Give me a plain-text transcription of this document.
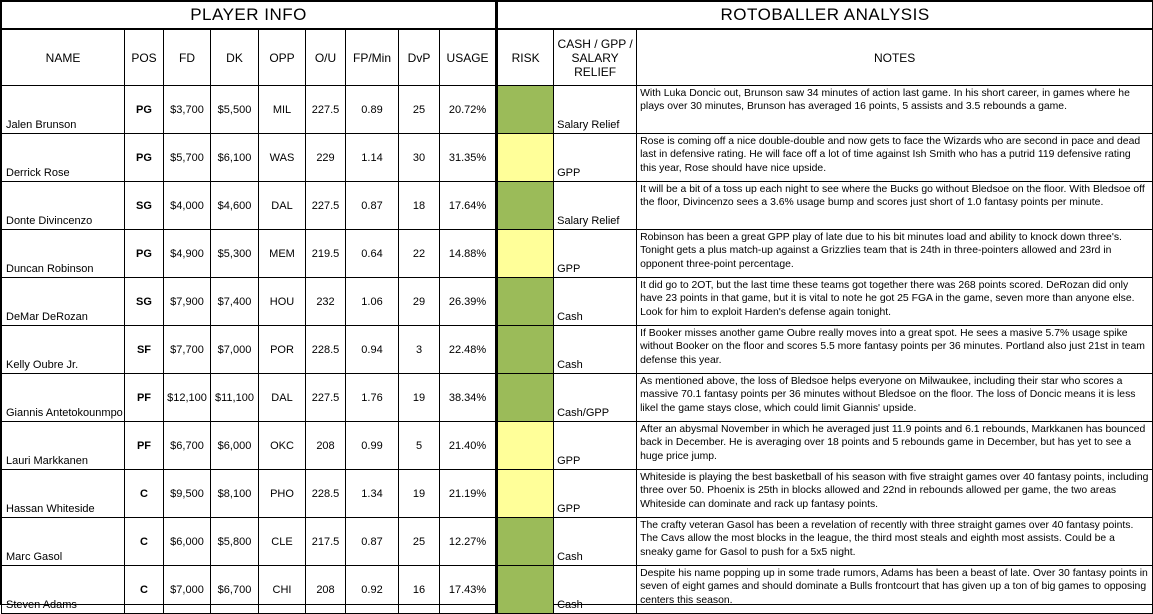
PLAYER INFO									ROTOBALLER ANALYSIS		
NAME	POS	FD	DK	OPP	O/U	FP/Min	DvP	USAGE	RISK	CASH / GPP / SALARY RELIEF	NOTES
Jalen Brunson	PG	$3,700	$5,500	MIL	227.5	0.89	25	20.72%		Salary Relief	With Luka Doncic out, Brunson saw 34 minutes of action last game. In his short career, in games where he plays over 30 minutes, Brunson has averaged 16 points, 5 assists and 3.5 rebounds a game.
Derrick Rose	PG	$5,700	$6,100	WAS	229	1.14	30	31.35%		GPP	Rose is coming off a nice double-double and now gets to face the Wizards who are second in pace and dead last in defensive rating. He will face off a lot of time against Ish Smith who has a putrid 119 defensive rating this year, Rose should have nice upside.
Donte Divincenzo	SG	$4,000	$4,600	DAL	227.5	0.87	18	17.64%		Salary Relief	It will be a bit of a toss up each night to see where the Bucks go without Bledsoe on the floor. With Bledsoe off the floor, Divincenzo sees a 3.6% usage bump and scores just short of 1.0 fantasy points per minute.
Duncan Robinson	PG	$4,900	$5,300	MEM	219.5	0.64	22	14.88%		GPP	Robinson has been a great GPP play of late due to his bit minutes load and ability to knock down three's. Tonight gets a plus match-up against a Grizzlies team that is 24th in three-pointers allowed and 23rd in opponent three-point percentage.
DeMar DeRozan	SG	$7,900	$7,400	HOU	232	1.06	29	26.39%		Cash	It did go to 2OT, but the last time these teams got together there was 268 points scored. DeRozan did only have 23 points in that game, but it is vital to note he got 25 FGA in the game, seven more than anyone else. Look for him to exploit Harden's defense again tonight.
Kelly Oubre Jr.	SF	$7,700	$7,000	POR	228.5	0.94	3	22.48%		Cash	If Booker misses another game Oubre really moves into a great spot. He sees a masive 5.7% usage spike without Booker on the floor and scores 5.5 more fantasy points per 36 minutes. Portland also just 21st in team defense this year.
Giannis Antetokounmpo	PF	$12,100	$11,100	DAL	227.5	1.76	19	38.34%		Cash/GPP	As mentioned above, the loss of Bledsoe helps everyone on Milwaukee, including their star who scores a massive 70.1 fantasy points per 36 minutes without Bledsoe on the floor. The loss of Doncic means it is less likel the game stays close, which could limit Giannis' upside.
Lauri Markkanen	PF	$6,700	$6,000	OKC	208	0.99	5	21.40%		GPP	After an abysmal November in which he averaged just 11.9 points and 6.1 rebounds, Markkanen has bounced back in December. He is averaging over 18 points and 5 rebounds game in December, but has yet to see a huge price jump.
Hassan Whiteside	C	$9,500	$8,100	PHO	228.5	1.34	19	21.19%		GPP	Whiteside is playing the best basketball of his season with five straight games over 40 fantasy points, including three over 50. Phoenix is 25th in blocks allowed and 22nd in rebounds allowed per game, the two areas Whiteside can dominate and rack up fantasy points.
Marc Gasol	C	$6,000	$5,800	CLE	217.5	0.87	25	12.27%		Cash	The crafty veteran Gasol has been a revelation of recently with three straight games over 40 fantasy points. The Cavs allow the most blocks in the league, the third most steals and eighth most assists. Could be a sneaky game for Gasol to push for a 5x5 night.
Steven Adams	C	$7,000	$6,700	CHI	208	0.92	16	17.43%		Cash	Despite his name popping up in some trade rumors, Adams has been a beast of late. Over 30 fantasy points in seven of eight games and should dominate a Bulls frontcourt that has given up a ton of big games to opposing centers this season.
